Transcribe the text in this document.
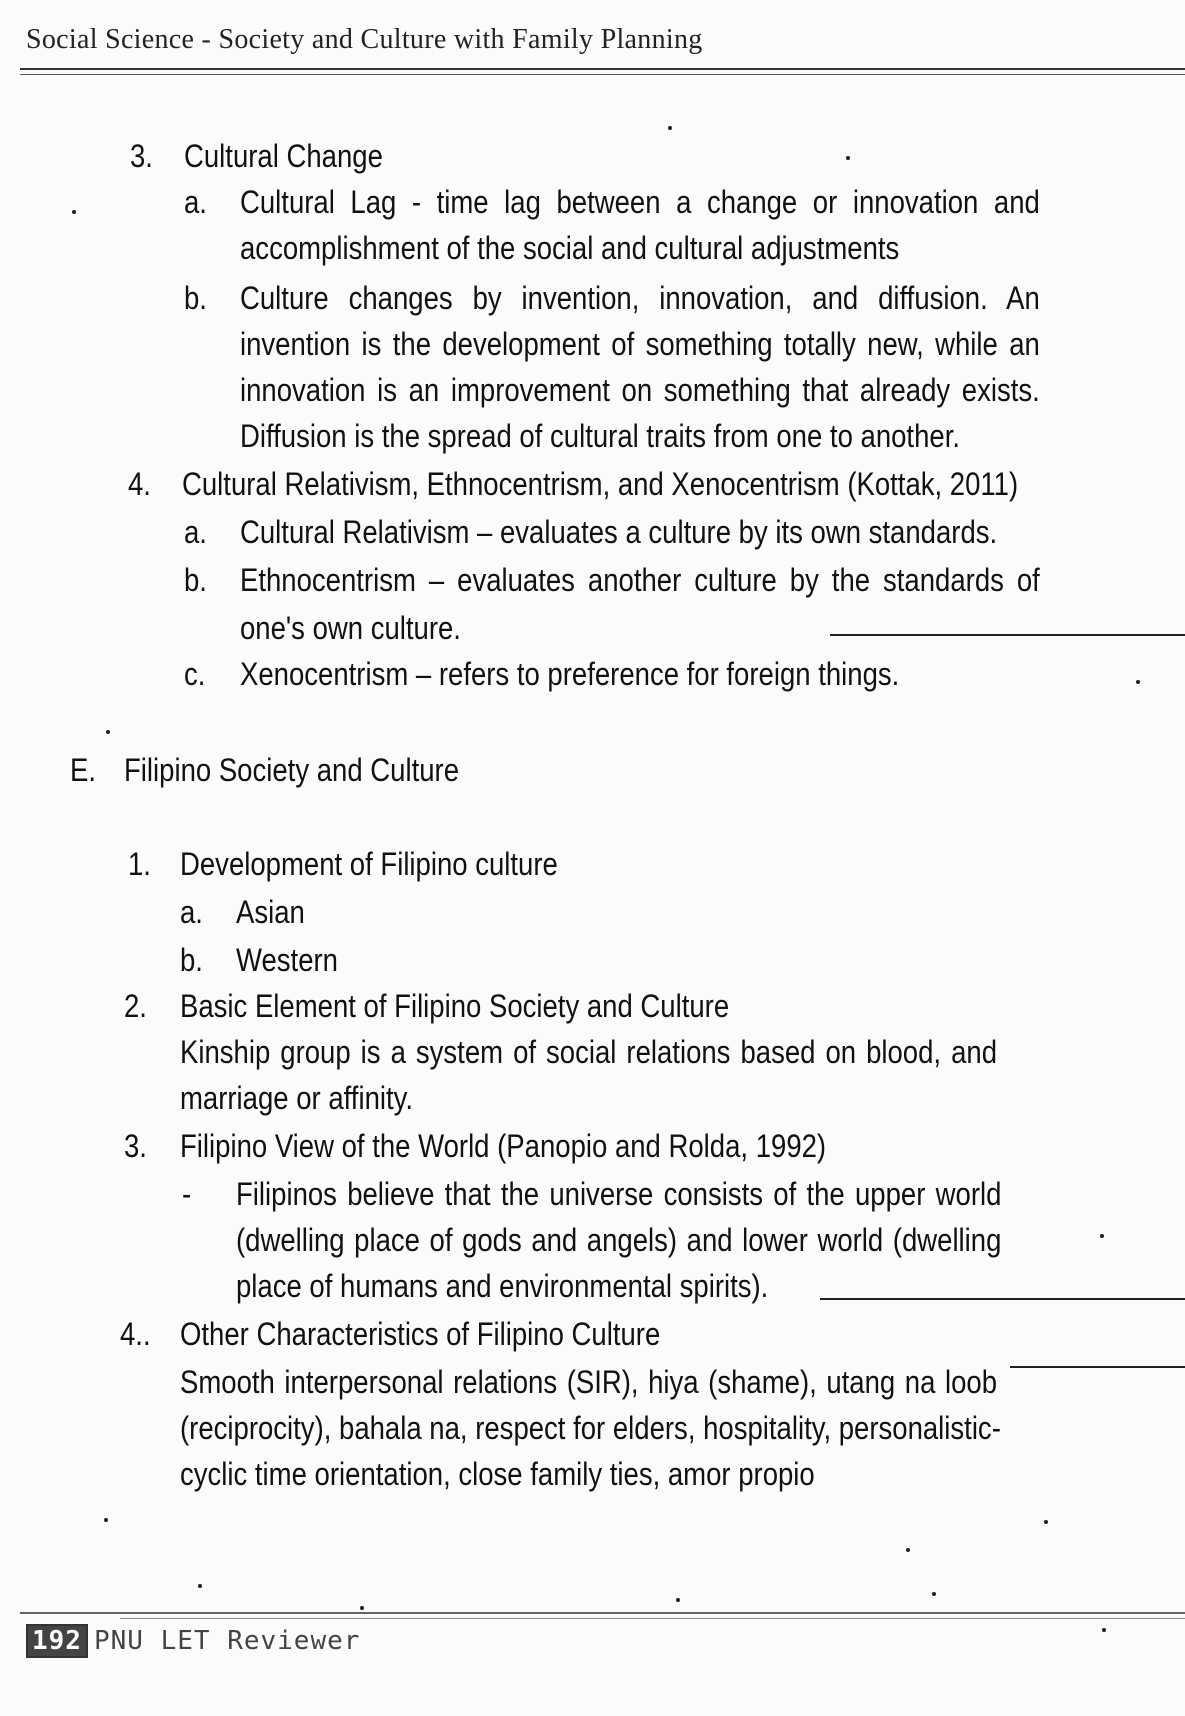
Social Science - Society and Culture with Family Planning
3. Cultural Change
a. Cultural Lag - time lag between a change or innovation and
accomplishment of the social and cultural adjustments
b. Culture changes by invention, innovation, and diffusion. An
invention is the development of something totally new, while an
innovation is an improvement on something that already exists.
Diffusion is the spread of cultural traits from one to another.
4. Cultural Relativism, Ethnocentrism, and Xenocentrism (Kottak, 2011)
a. Cultural Relativism – evaluates a culture by its own standards.
b. Ethnocentrism – evaluates another culture by the standards of
one's own culture.
c. Xenocentrism – refers to preference for foreign things.
E. Filipino Society and Culture
1. Development of Filipino culture
a. Asian
b. Western
2. Basic Element of Filipino Society and Culture
Kinship group is a system of social relations based on blood, and
marriage or affinity.
3. Filipino View of the World (Panopio and Rolda, 1992)
- Filipinos believe that the universe consists of the upper world
(dwelling place of gods and angels) and lower world (dwelling
place of humans and environmental spirits).
4.. Other Characteristics of Filipino Culture
Smooth interpersonal relations (SIR), hiya (shame), utang na loob
(reciprocity), bahala na, respect for elders, hospitality, personalistic-
cyclic time orientation, close family ties, amor propio
192 PNU LET Reviewer
